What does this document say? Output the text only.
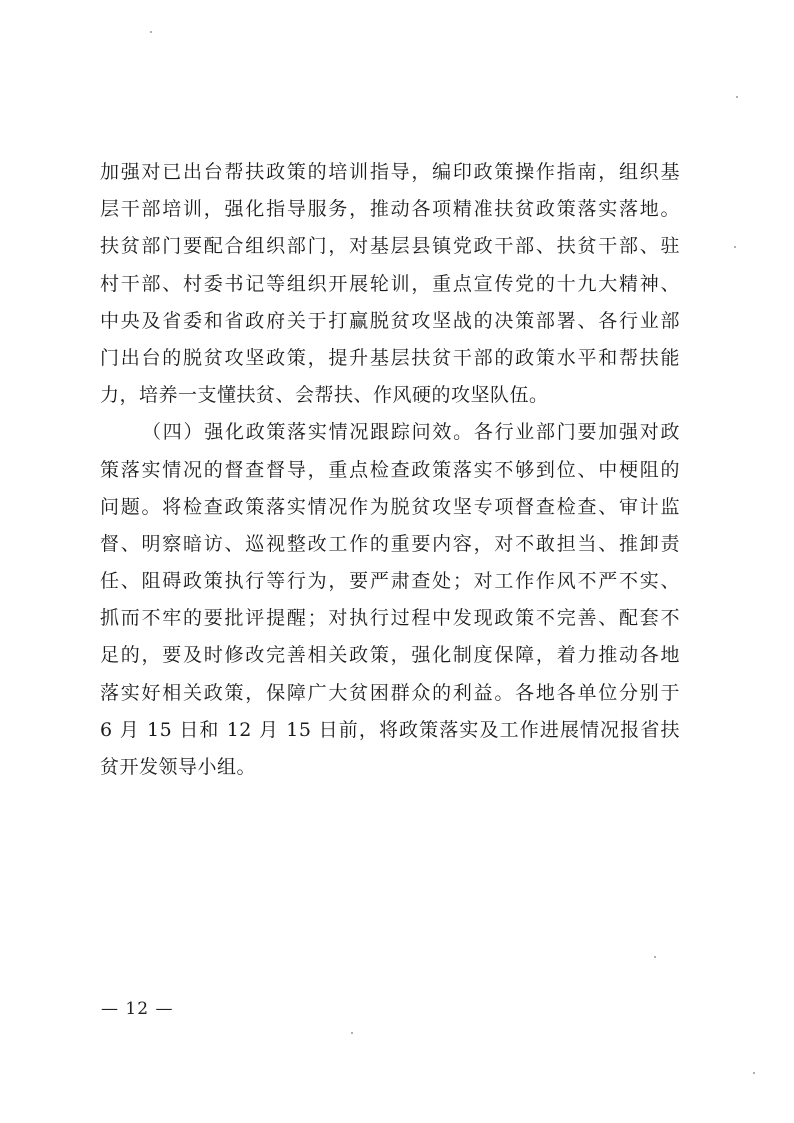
加强对已出台帮扶政策的培训指导，编印政策操作指南，组织基
层干部培训，强化指导服务，推动各项精准扶贫政策落实落地。
扶贫部门要配合组织部门，对基层县镇党政干部、扶贫干部、驻
村干部、村委书记等组织开展轮训，重点宣传党的十九大精神、
中央及省委和省政府关于打赢脱贫攻坚战的决策部署、各行业部
门出台的脱贫攻坚政策，提升基层扶贫干部的政策水平和帮扶能
力，培养一支懂扶贫、会帮扶、作风硬的攻坚队伍。
（四）强化政策落实情况跟踪问效。各行业部门要加强对政
策落实情况的督查督导，重点检查政策落实不够到位、中梗阻的
问题。将检查政策落实情况作为脱贫攻坚专项督查检查、审计监
督、明察暗访、巡视整改工作的重要内容，对不敢担当、推卸责
任、阻碍政策执行等行为，要严肃查处；对工作作风不严不实、
抓而不牢的要批评提醒；对执行过程中发现政策不完善、配套不
足的，要及时修改完善相关政策，强化制度保障，着力推动各地
落实好相关政策，保障广大贫困群众的利益。各地各单位分别于
6 月 15 日和 12 月 15 日前，将政策落实及工作进展情况报省扶
贫开发领导小组。
— 12 —
